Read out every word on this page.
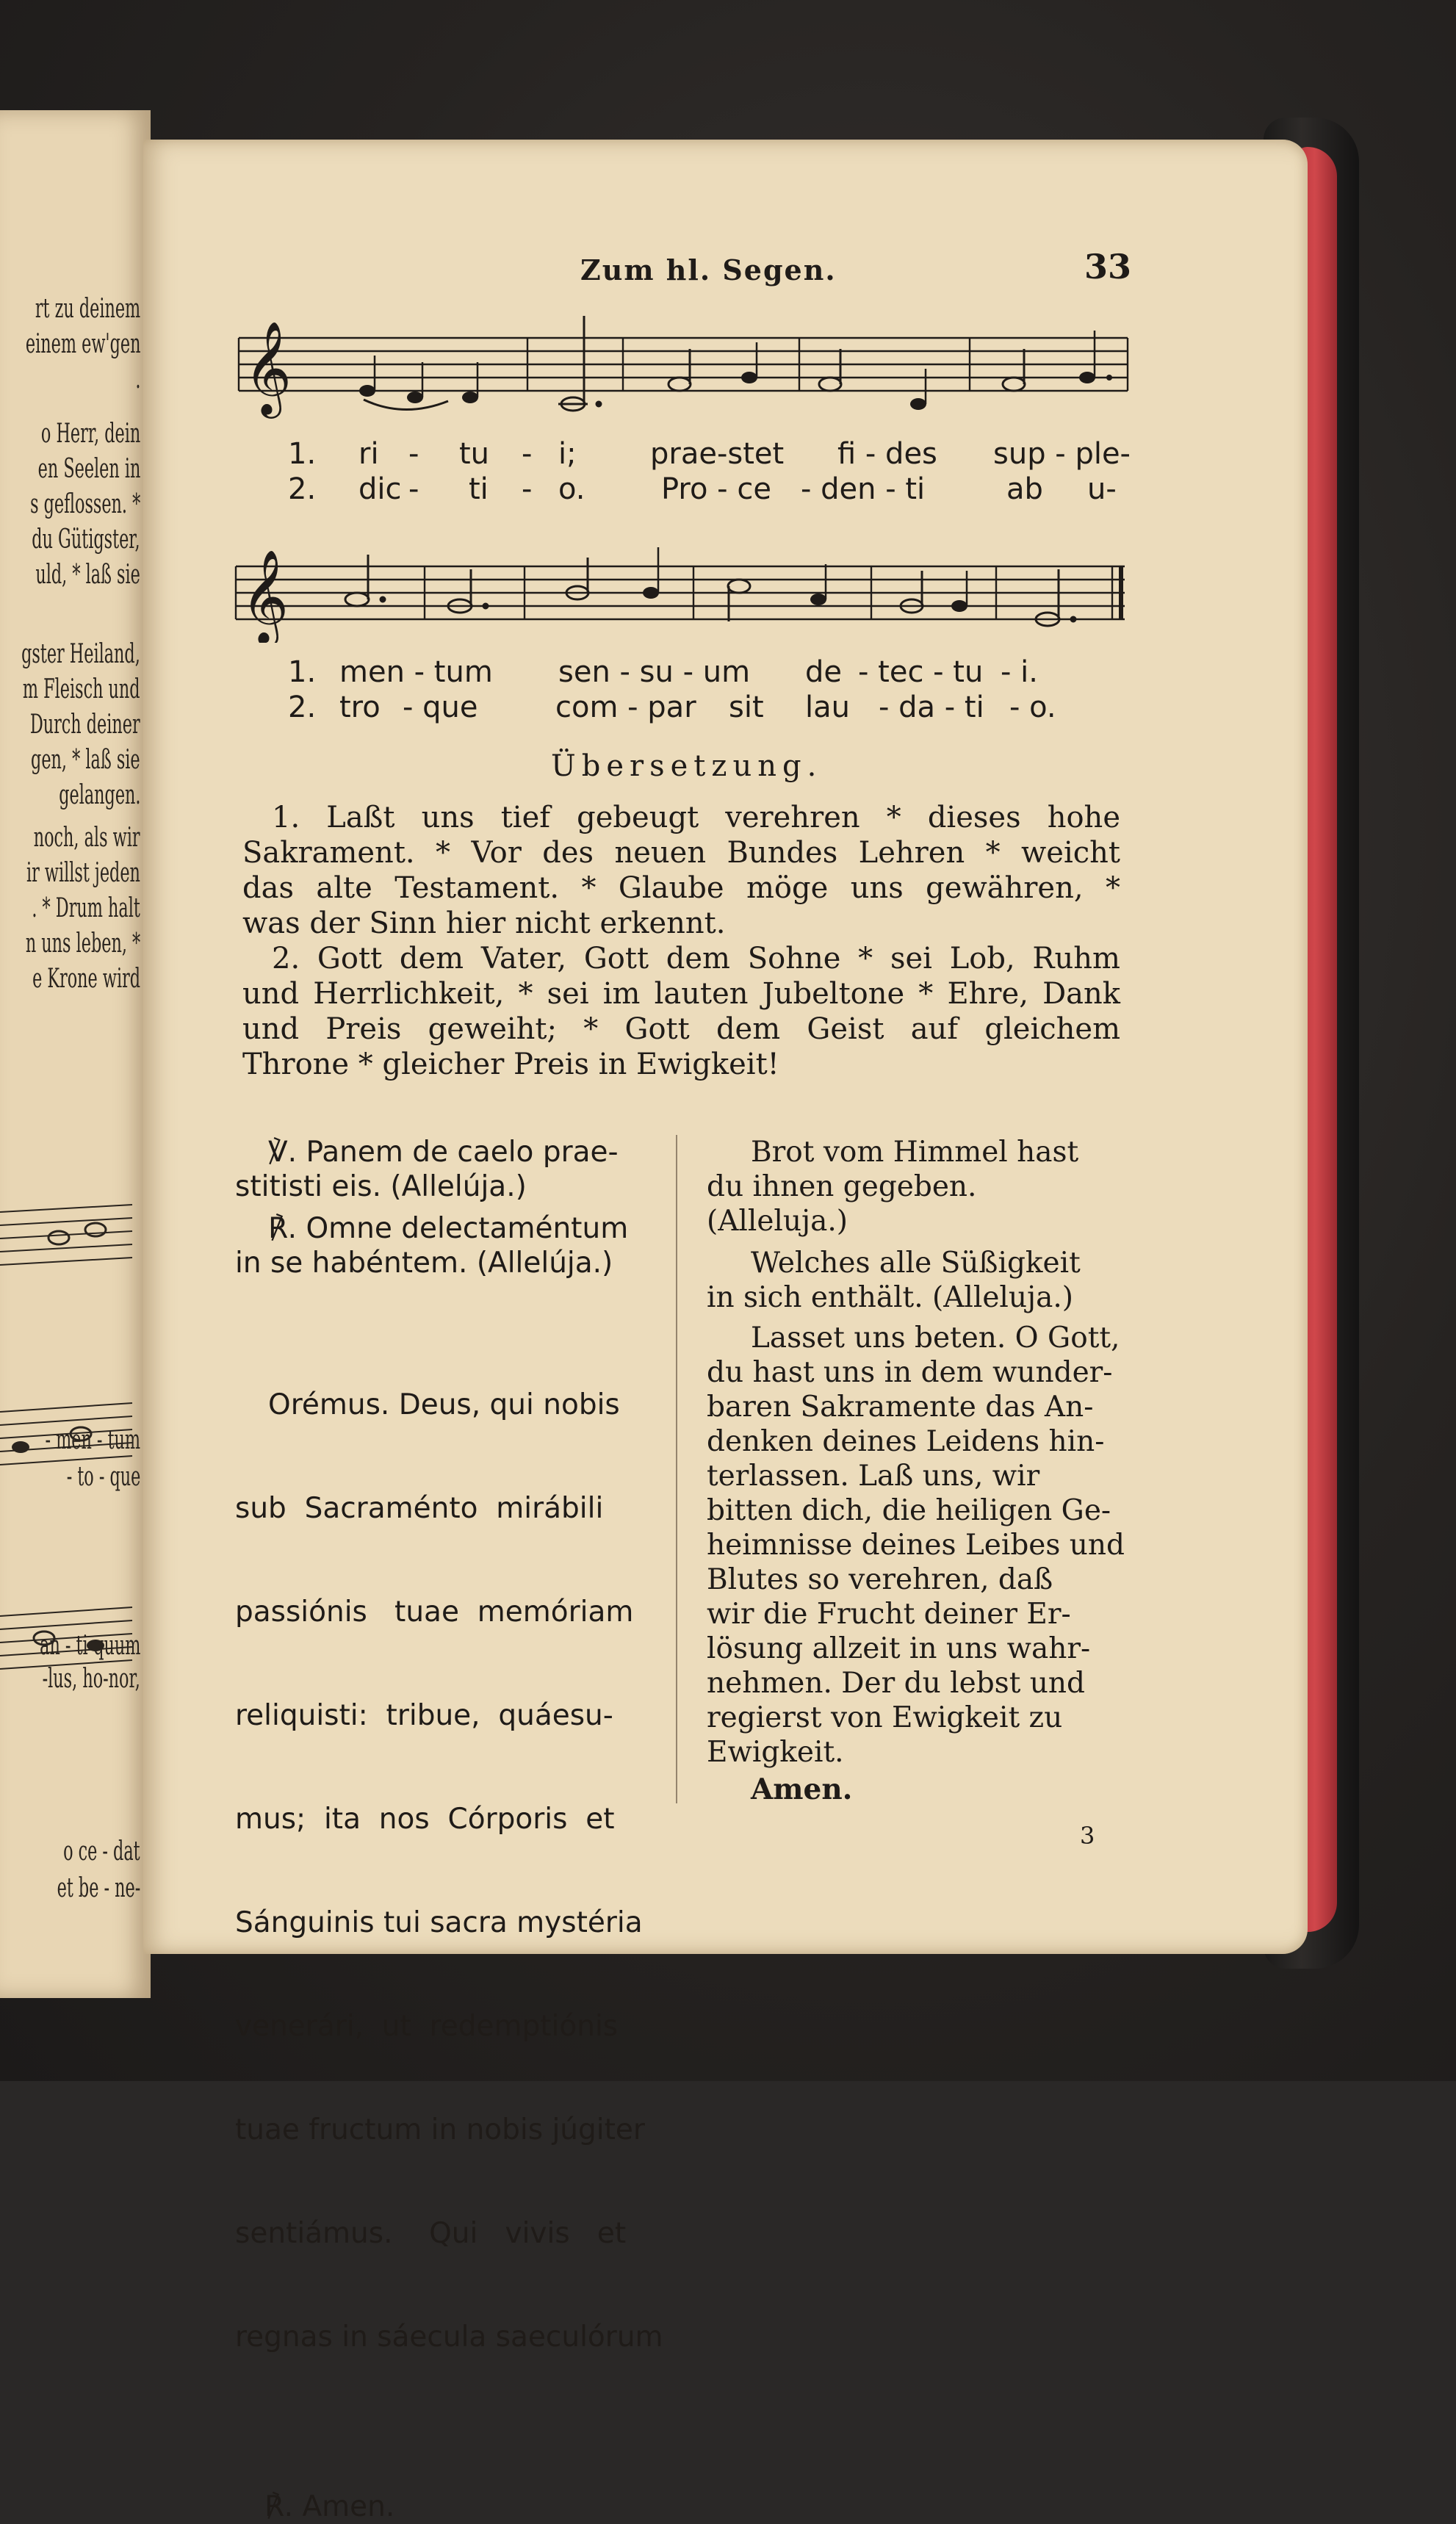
rt zu deinem
einem ew'gen
.
o Herr, dein
en Seelen in
s geflossen. *
du Gütigster,
uld, * laß sie
gster Heiland,
m Fleisch und
Durch deiner
gen, * laß sie
gelangen.
noch, als wir
ir willst jeden
. * Drum halt
n uns leben, *
e Krone wird
- men - tum
- to - que
an - ti-quum
-lus, ho-nor,
o ce - dat
et be - ne-
Zum hl. Segen.	33
𝄞
1. ri - tu - i;	prae-stet fi - des sup - ple-
2. dic - ti - o.	Pro - ce - den - ti	ab u-
𝄞
1. men - tum sen - su - um de - tec - tu - i.
2. tro - que	com - par sit lau - da - ti - o.
Übersetzung.
1. Laßt uns tief gebeugt verehren * dieses hohe
Sakrament. * Vor des neuen Bundes Lehren * weicht
das alte Testament. * Glaube möge uns gewähren, *
was der Sinn hier nicht erkennt.
2. Gott dem Vater, Gott dem Sohne * sei Lob, Ruhm
und Herrlichkeit, * sei im lauten Jubeltone * Ehre, Dank
und Preis geweiht; * Gott dem Geist auf gleichem
Throne * gleicher Preis in Ewigkeit!

℣. Panem de caelo prae-

stitisti eis. (Allelúja.)

℟. Omne delectaméntum

in se habéntem. (Allelúja.)

Orémus. Deus, qui nobis

sub  Sacraménto  mirábili

passiónis   tuae  memóriam

reliquisti:  tribue,  quáesu-

mus;  ita  nos  Córporis  et

Sánguinis tui sacra mystéria

venerári,  ut  redemptiónis

tuae fructum in nobis júgiter

sentiámus.    Qui   vivis   et

regnas in sáecula saeculórum

℟. Amen.

Brot vom Himmel hast

du ihnen gegeben. (Alleluja.)

Welches alle Süßigkeit

in sich enthält. (Alleluja.)

Lasset uns beten. O Gott,

du hast uns in dem wunder-

baren Sakramente das An-

denken deines Leidens hin-

terlassen. Laß uns, wir

bitten dich, die heiligen Ge-

heimnisse deines Leibes und

Blutes so verehren, daß

wir die Frucht deiner Er-

lösung allzeit in uns wahr-

nehmen. Der du lebst und

regierst von Ewigkeit zu

Ewigkeit.

Amen.

3
